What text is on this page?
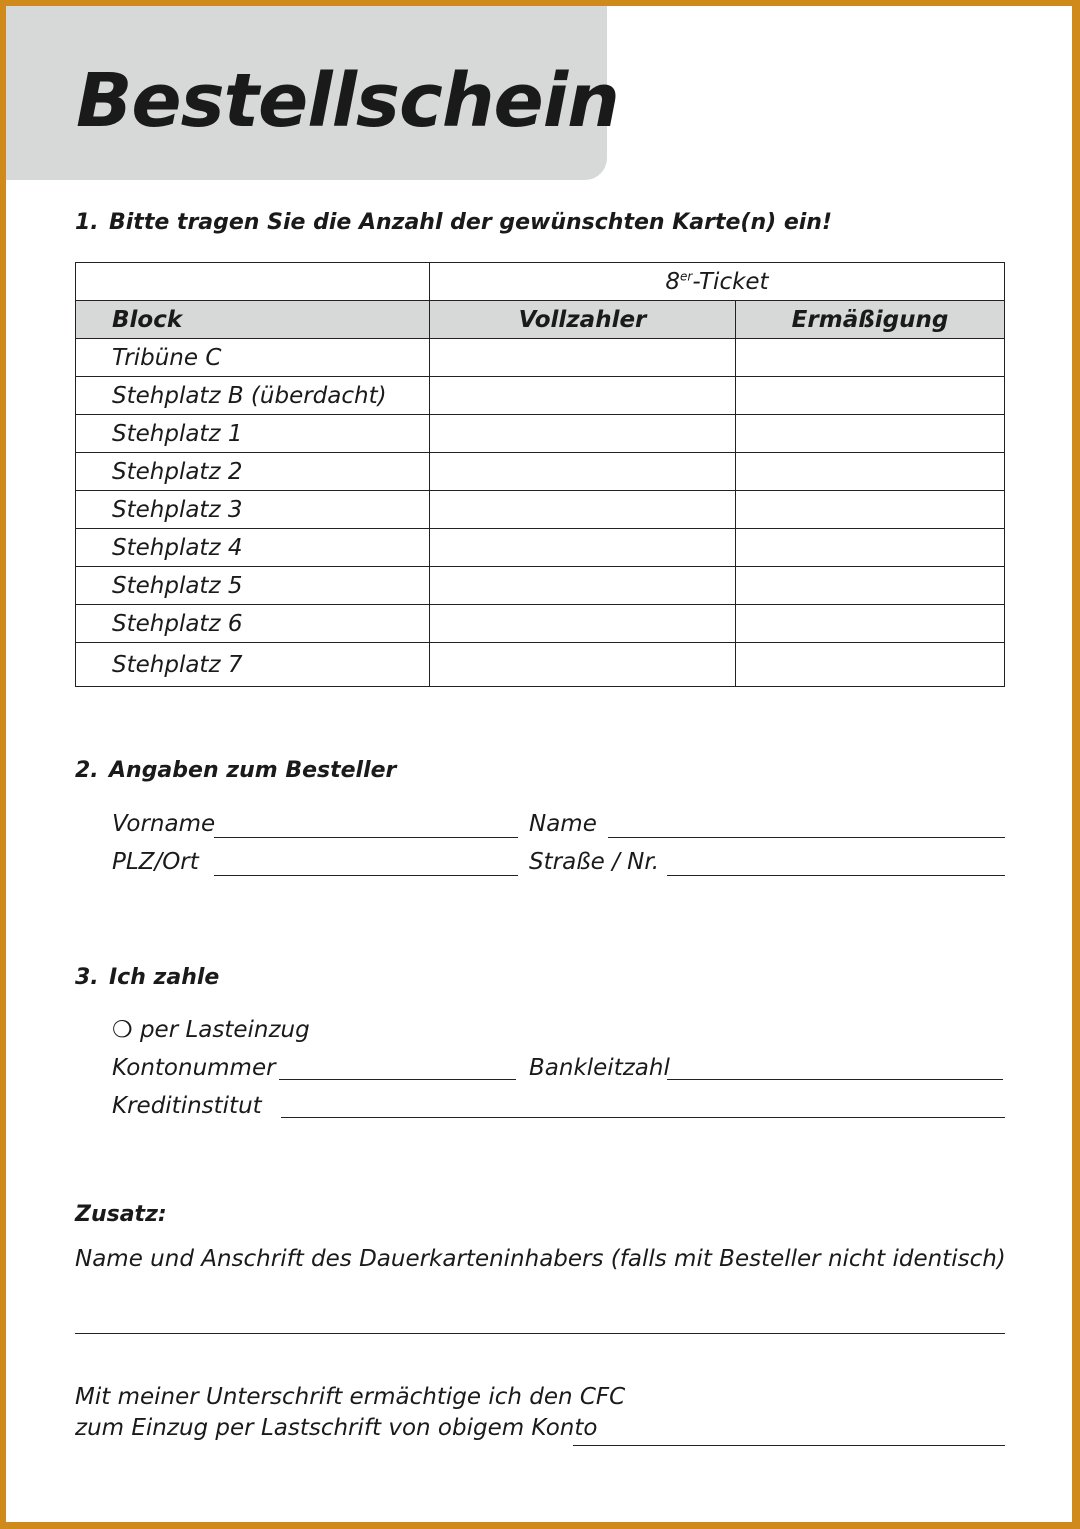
Bestellschein

1. Bitte tragen Sie die Anzahl der gewünschten Karte(n) ein!

	8er-Ticket	
Block	Vollzahler	Ermäßigung
Tribüne C		
Stehplatz B (überdacht)		
Stehplatz 1		
Stehplatz 2		
Stehplatz 3		
Stehplatz 4		
Stehplatz 5		
Stehplatz 6		
Stehplatz 7		

2. Angaben zum Besteller

Vorname	Name
PLZ/Ort	Straße / Nr.

3. Ich zahle

❍ per Lasteinzug
Kontonummer	Bankleitzahl
Kreditinstitut

Zusatz:

Name und Anschrift des Dauerkarteninhabers (falls mit Besteller nicht identisch)
Mit meiner Unterschrift ermächtige ich den CFC
zum Einzug per Lastschrift von obigem Konto
